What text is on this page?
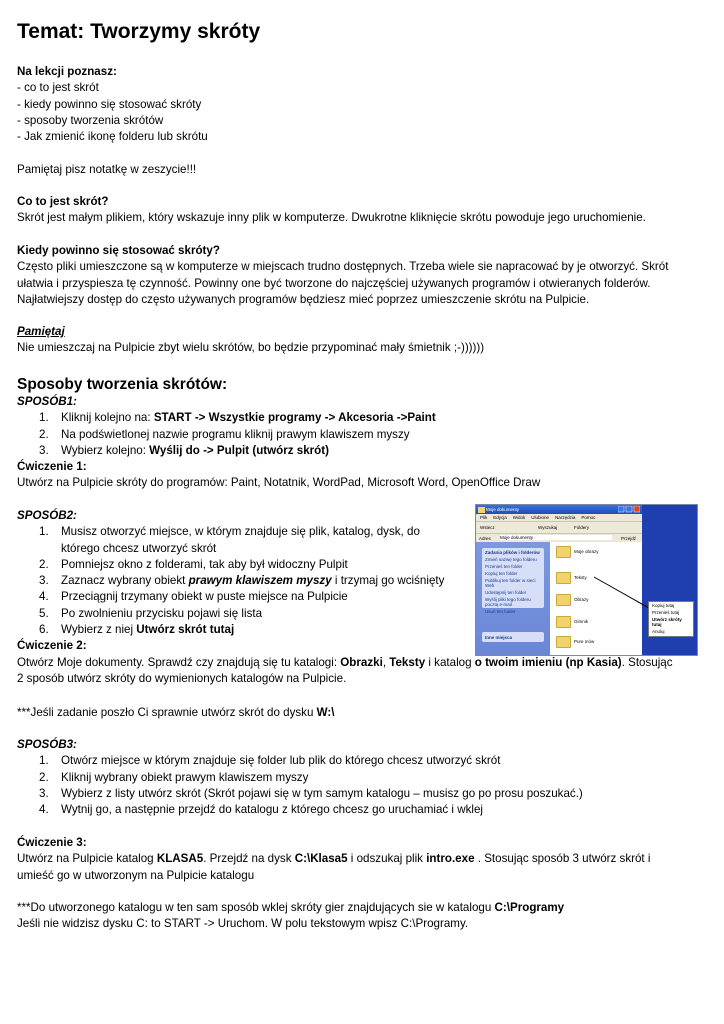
Temat: Tworzymy skróty

Na lekcji poznasz:

- co to jest skrót

- kiedy powinno się stosować skróty

- sposoby tworzenia skrótów

- Jak zmienić ikonę folderu lub skrótu

Pamiętaj pisz notatkę w zeszycie!!!

Co to jest skrót?

Skrót jest małym plikiem, który wskazuje inny plik w komputerze. Dwukrotne kliknięcie skrótu powoduje jego uruchomienie.

Kiedy powinno się stosować skróty?

Często pliki umieszczone są w komputerze w miejscach trudno dostępnych. Trzeba wiele sie napracować by je otworzyć. Skrót

ułatwia i przyspiesza tę czynność. Powinny one być tworzone do najczęściej używanych programów i otwieranych folderów.

Najłatwiejszy dostęp do często używanych programów będziesz mieć poprzez umieszczenie skrótu na Pulpicie.

Pamiętaj

Nie umieszczaj na Pulpicie zbyt wielu skrótów, bo będzie przypominać mały śmietnik ;-))))))

Sposoby tworzenia skrótów:

SPOSÓB1:

1. Kliknij kolejno na: START -> Wszystkie programy -> Akcesoria ->Paint
2. Na podświetlonej nazwie programu kliknij prawym klawiszem myszy
3. Wybierz kolejno: Wyślij do -> Pulpit (utwórz skrót)

Ćwiczenie 1:

Utwórz na Pulpicie skróty do programów: Paint, Notatnik, WordPad, Microsoft Word, OpenOffice Draw

SPOSÓB2:

1. Musisz otworzyć miejsce, w którym znajduje się plik, katalog, dysk, do
którego chcesz utworzyć skrót
2. Pomniejsz okno z folderami, tak aby był widoczny Pulpit
3. Zaznacz wybrany obiekt prawym klawiszem myszy i trzymaj go wciśnięty
4. Przeciągnij trzymany obiekt w puste miejsce na Pulpicie
5. Po zwolnieniu przycisku pojawi się lista
6. Wybierz z niej Utwórz skrót tutaj

Ćwiczenie 2:

Otwórz Moje dokumenty. Sprawdź czy znajdują się tu katalogi: Obrazki, Teksty i katalog o twoim imieniu (np Kasia). Stosując

2 sposób utwórz skróty do wymienionych katalogów na Pulpicie.

***Jeśli zadanie poszło Ci sprawnie utwórz skrót do dysku W:\

SPOSÓB3:

1. Otwórz miejsce w którym znajduje się folder lub plik do którego chcesz utworzyć skrót
2. Kliknij wybrany obiekt prawym klawiszem myszy
3. Wybierz z listy utwórz skrót (Skrót pojawi się w tym samym katalogu – musisz go po prosu poszukać.)
4. Wytnij go, a następnie przejdź do katalogu z którego chcesz go uruchamiać i wklej

Ćwiczenie 3:

Utwórz na Pulpicie katalog KLASA5. Przejdź na dysk C:\Klasa5 i odszukaj plik intro.exe . Stosując sposób 3 utwórz skrót i

umieść go w utworzonym na Pulpicie katalogu

***Do utworzonego katalogu w ten sam sposób wklej skróty gier znajdujących sie w katalogu C:\Programy

Jeśli nie widzisz dysku C: to START -> Uruchom. W polu tekstowym wpisz C:\Programy.

Moje dokumenty
Plik Edycja Widok Ulubione Narzędzia Pomoc
Wstecz	Wyszukaj	Foldery
Adres Moje dokumenty	Przejdź
Zadania plików i folderów
Zmień nazwę tego folderu
Przenieś ten folder
Kopiuj ten folder
Publikuj ten folder w sieci Web
Udostępnij ten folder
Wyślij pliki tego folderu pocztą e-mail
Usuń ten folder
Inne miejsca
Moje obrazy
Teksty
Obrazy
Gimnik
Pure mów
Kopiuj tutaj
Przenieś tutaj
Utwórz skróty tutaj
Anuluj
